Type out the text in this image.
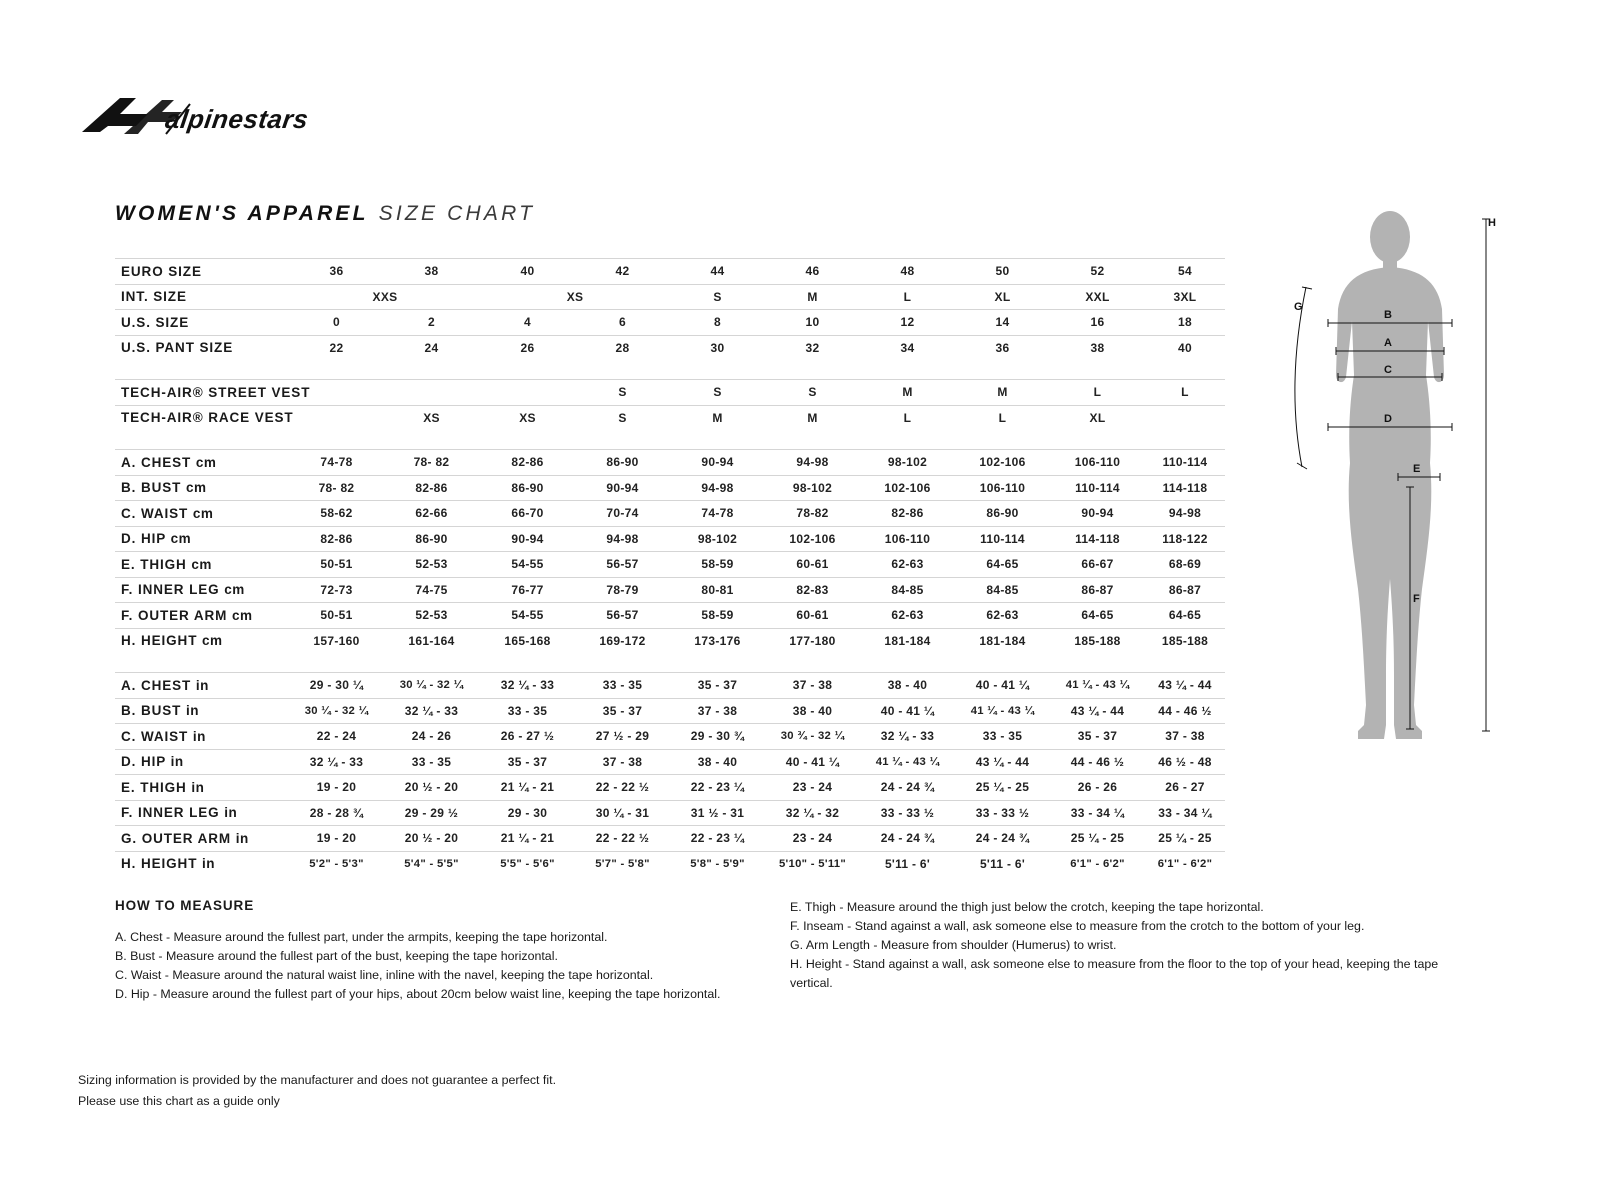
alpinestars
WOMEN'S APPAREL SIZE CHART
EURO SIZE	36	38	40	42	44	46	48	50	52	54
INT. SIZE	XXS		XS		S	M	L	XL	XXL	3XL
U.S. SIZE	0	2	4	6	8	10	12	14	16	18
U.S. PANT SIZE	22	24	26	28	30	32	34	36	38	40

TECH-AIR® STREET VEST				S	S	S	M	M	L	L
TECH-AIR® RACE VEST		XS	XS	S	M	M	L	L	XL	

A. CHEST cm	74-78	78- 82	82-86	86-90	90-94	94-98	98-102	102-106	106-110	110-114
B. BUST cm	78- 82	82-86	86-90	90-94	94-98	98-102	102-106	106-110	110-114	114-118
C. WAIST cm	58-62	62-66	66-70	70-74	74-78	78-82	82-86	86-90	90-94	94-98
D. HIP cm	82-86	86-90	90-94	94-98	98-102	102-106	106-110	110-114	114-118	118-122
E. THIGH cm	50-51	52-53	54-55	56-57	58-59	60-61	62-63	64-65	66-67	68-69
F. INNER LEG cm	72-73	74-75	76-77	78-79	80-81	82-83	84-85	84-85	86-87	86-87
F. OUTER ARM cm	50-51	52-53	54-55	56-57	58-59	60-61	62-63	62-63	64-65	64-65
H. HEIGHT cm	157-160	161-164	165-168	169-172	173-176	177-180	181-184	181-184	185-188	185-188

A. CHEST in	29 - 30 ¼	30 ¼ - 32 ¼	32 ¼ - 33	33 - 35	35 - 37	37 - 38	38 - 40	40 - 41 ¼	41 ¼ - 43 ¼	43 ¼ - 44
B. BUST in	30 ¼ - 32 ¼	32 ¼ - 33	33 - 35	35 - 37	37 - 38	38 - 40	40 - 41 ¼	41 ¼ - 43 ¼	43 ¼ - 44	44 - 46 ½
C. WAIST in	22 - 24	24 - 26	26 - 27 ½	27 ½ - 29	29 - 30 ¾	30 ¾ - 32 ¼	32 ¼ - 33	33 - 35	35 - 37	37 - 38
D. HIP in	32 ¼ - 33	33 - 35	35 - 37	37 - 38	38 - 40	40 - 41 ¼	41 ¼ - 43 ¼	43 ¼ - 44	44 - 46 ½	46 ½ - 48
E. THIGH in	19 - 20	20 ½ - 20	21 ¼ - 21	22 - 22 ½	22 - 23 ¼	23 - 24	24 - 24 ¾	25 ¼ - 25	26 - 26	26 - 27
F. INNER LEG in	28 - 28 ¾	29 - 29 ½	29 - 30	30 ¼ - 31	31 ½ - 31	32 ¼ - 32	33 - 33 ½	33 - 33 ½	33 - 34 ¼	33 - 34 ¼
G. OUTER ARM in	19 - 20	20 ½ - 20	21 ¼ - 21	22 - 22 ½	22 - 23 ¼	23 - 24	24 - 24 ¾	24 - 24 ¾	25 ¼ - 25	25 ¼ - 25
H. HEIGHT in	5'2" - 5'3"	5'4" - 5'5"	5'5" - 5'6"	5'7" - 5'8"	5'8" - 5'9"	5'10" - 5'11"	5'11 - 6'	5'11 - 6'	6'1" - 6'2"	6'1" - 6'2"
H
G
B
A
C
D
E
F
HOW TO MEASURE
A. Chest - Measure around the fullest part, under the armpits, keeping the tape horizontal.
B. Bust - Measure around the fullest part of the bust, keeping the tape horizontal.
C. Waist - Measure around the natural waist line, inline with the navel, keeping the tape horizontal.
D. Hip - Measure around the fullest part of your hips, about 20cm below waist line, keeping the tape horizontal.
E. Thigh - Measure around the thigh just below the crotch, keeping the tape horizontal.
F. Inseam - Stand against a wall, ask someone else to measure from the crotch to the bottom of your leg.
G. Arm Length - Measure from shoulder (Humerus) to wrist.
H. Height - Stand against a wall, ask someone else to measure from the floor to the top of your head, keeping the tape vertical.
Sizing information is provided by the manufacturer and does not guarantee a perfect fit.
Please use this chart as a guide only
